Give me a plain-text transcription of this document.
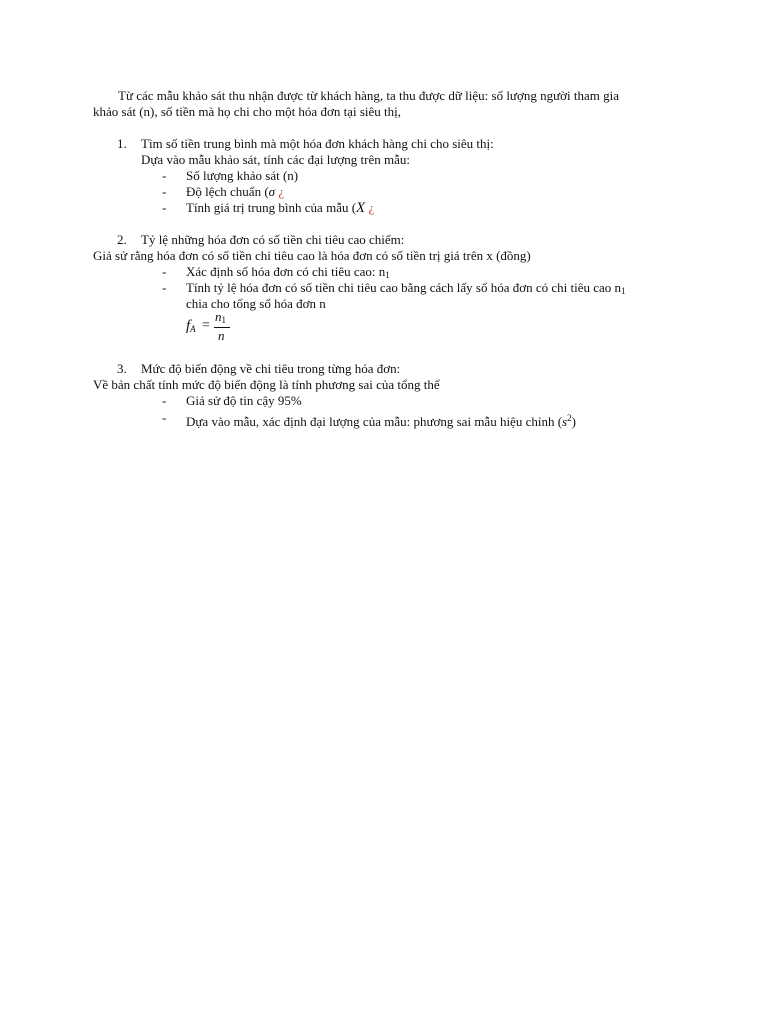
Từ các mẫu khảo sát thu nhận được từ khách hàng, ta thu được dữ liệu: số lượng người tham gia
khảo sát (n), số tiền mà họ chi cho một hóa đơn tại siêu thị,
1. Tìm số tiền trung bình mà một hóa đơn khách hàng chi cho siêu thị:
Dựa vào mẫu khảo sát, tính các đại lượng trên mẫu:
- Số lượng khảo sát (n)
- Độ lệch chuẩn (σ ¿
- Tính giá trị trung bình của mẫu (X ¿
2. Tỷ lệ những hóa đơn có số tiền chi tiêu cao chiếm:
Giả sử rằng hóa đơn có số tiền chi tiêu cao là hóa đơn có số tiền trị giá trên x (đồng)
- Xác định số hóa đơn có chi tiêu cao: $n_1$
- Tính tỷ lệ hóa đơn có số tiền chi tiêu cao bằng cách lấy số hóa đơn có chi tiêu cao $n_1$
chia cho tổng số hóa đơn n
$f_A$ =
$n_1$
n
3. Mức độ biến động về chi tiêu trong từng hóa đơn:
Về bản chất tính mức độ biến động là tính phương sai của tổng thể
- Giả sử độ tin cậy 95%
- Dựa vào mẫu, xác định đại lượng của mẫu: phương sai mẫu hiệu chỉnh $(s^2)$
